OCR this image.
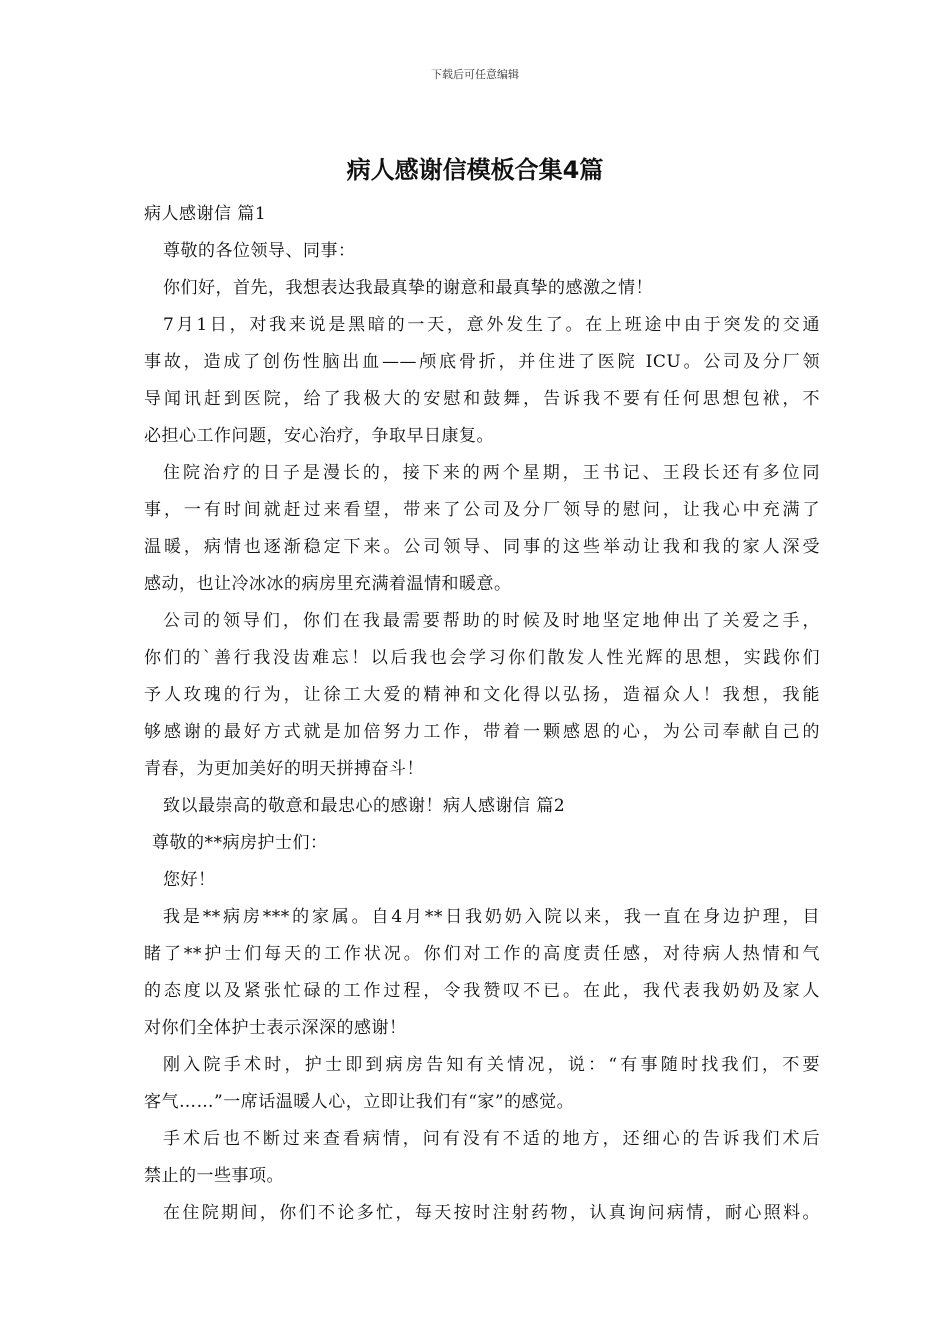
下载后可任意编辑
病人感谢信模板合集4篇
病人感谢信 篇1
尊敬的各位领导、同事：
你们好，首先，我想表达我最真挚的谢意和最真挚的感激之情！
7月1日，对我来说是黑暗的一天，意外发生了。在上班途中由于突发的交通
事故，造成了创伤性脑出血——颅底骨折，并住进了医院 ICU。公司及分厂领
导闻讯赶到医院，给了我极大的安慰和鼓舞，告诉我不要有任何思想包袱，不
必担心工作问题，安心治疗，争取早日康复。
住院治疗的日子是漫长的，接下来的两个星期，王书记、王段长还有多位同
事，一有时间就赶过来看望，带来了公司及分厂领导的慰问，让我心中充满了
温暖，病情也逐渐稳定下来。公司领导、同事的这些举动让我和我的家人深受
感动，也让冷冰冰的病房里充满着温情和暖意。
公司的领导们，你们在我最需要帮助的时候及时地坚定地伸出了关爱之手，
你们的`善行我没齿难忘！以后我也会学习你们散发人性光辉的思想，实践你们
予人玫瑰的行为，让徐工大爱的精神和文化得以弘扬，造福众人！我想，我能
够感谢的最好方式就是加倍努力工作，带着一颗感恩的心，为公司奉献自己的
青春，为更加美好的明天拼搏奋斗！
致以最崇高的敬意和最忠心的感谢！病人感谢信 篇2
尊敬的**病房护士们：
您好！
我是**病房***的家属。自4月**日我奶奶入院以来，我一直在身边护理，目
睹了**护士们每天的工作状况。你们对工作的高度责任感，对待病人热情和气
的态度以及紧张忙碌的工作过程，令我赞叹不已。在此，我代表我奶奶及家人
对你们全体护士表示深深的感谢！
刚入院手术时，护士即到病房告知有关情况，说：“有事随时找我们，不要
客气……”一席话温暖人心，立即让我们有“家”的感觉。
手术后也不断过来查看病情，问有没有不适的地方，还细心的告诉我们术后
禁止的一些事项。
在住院期间，你们不论多忙，每天按时注射药物，认真询问病情，耐心照料。
